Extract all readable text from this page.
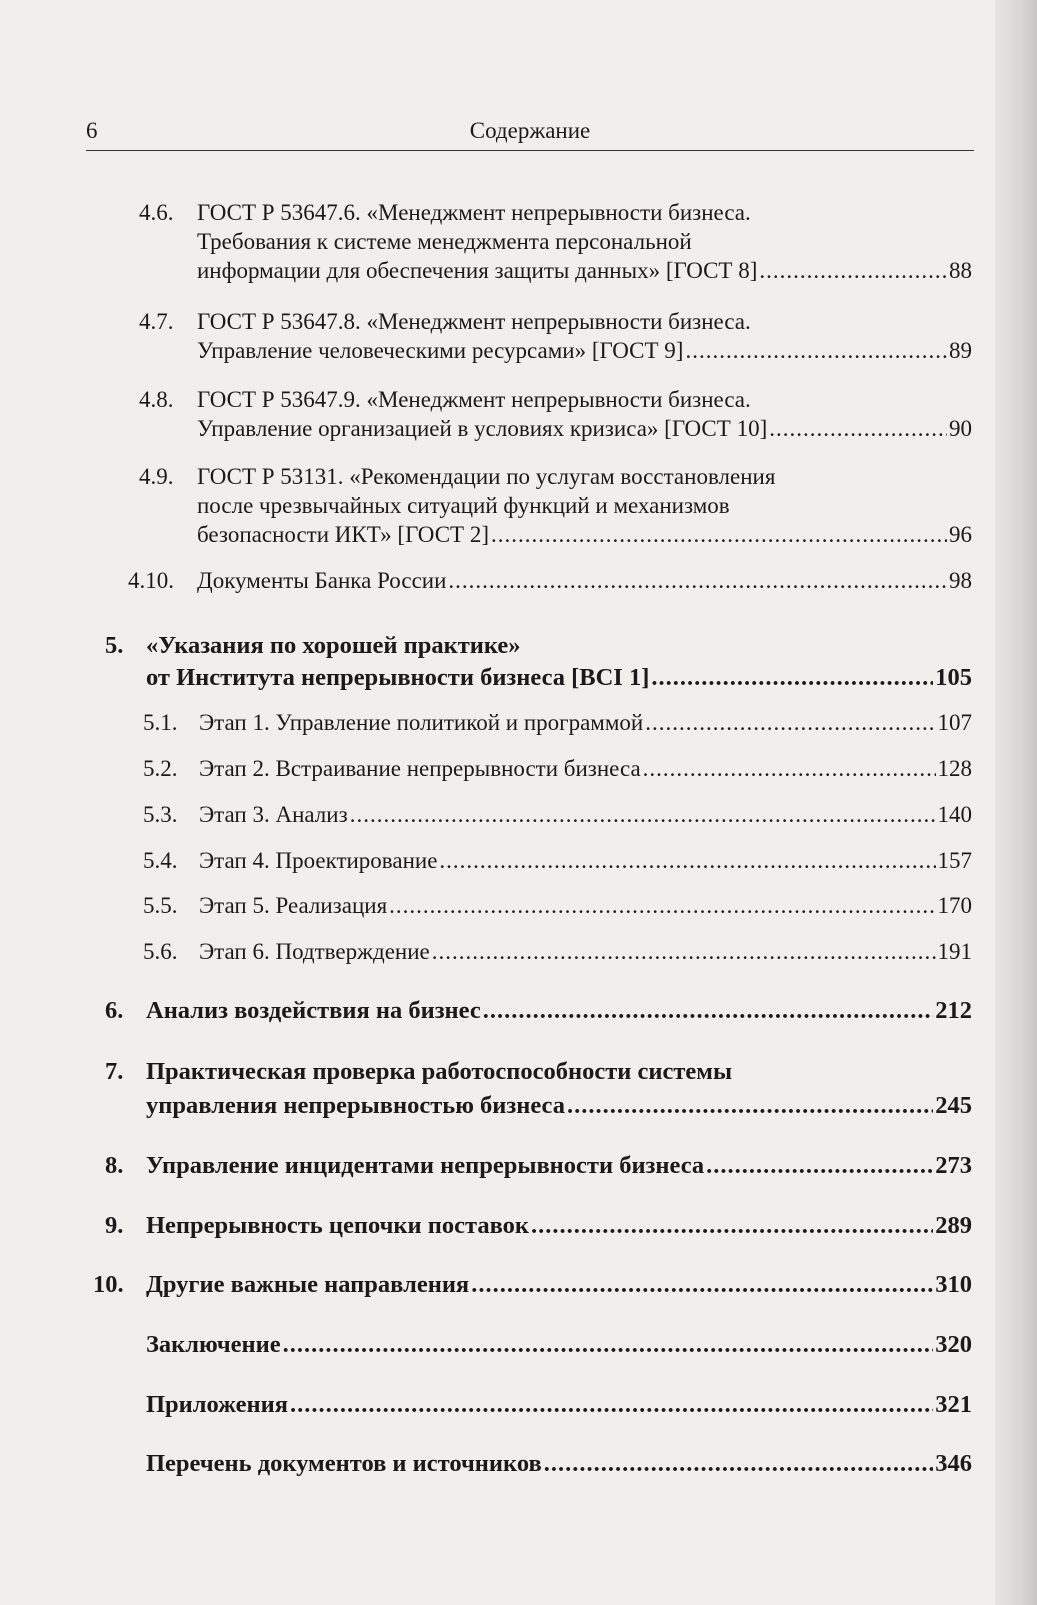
6	Содержание
4.6. ГОСТ Р 53647.6. «Менеджмент непрерывности бизнеса.
Требования к системе менеджмента персональной
информации для обеспечения защиты данных» [ГОСТ 8] .....	88
4.7. ГОСТ Р 53647.8. «Менеджмент непрерывности бизнеса.
Управление человеческими ресурсами» [ГОСТ 9] .....	89
4.8. ГОСТ Р 53647.9. «Менеджмент непрерывности бизнеса.
Управление организацией в условиях кризиса» [ГОСТ 10] .....	90
4.9. ГОСТ Р 53131. «Рекомендации по услугам восстановления
после чрезвычайных ситуаций функций и механизмов
безопасности ИКТ» [ГОСТ 2] .....	96
4.10. Документы Банка России .....	98
5. «Указания по хорошей практике»
от Института непрерывности бизнеса [BCI 1] .....	105
5.1. Этап 1. Управление политикой и программой .....	107
5.2. Этап 2. Встраивание непрерывности бизнеса .....	128
5.3. Этап 3. Анализ .....	140
5.4. Этап 4. Проектирование .....	157
5.5. Этап 5. Реализация .....	170
5.6. Этап 6. Подтверждение .....	191
6. Анализ воздействия на бизнес .....	212
7. Практическая проверка работоспособности системы
управления непрерывностью бизнеса .....	245
8. Управление инцидентами непрерывности бизнеса .....	273
9. Непрерывность цепочки поставок .....	289
10. Другие важные направления .....	310
Заключение .....	320
Приложения .....	321
Перечень документов и источников .....	346
